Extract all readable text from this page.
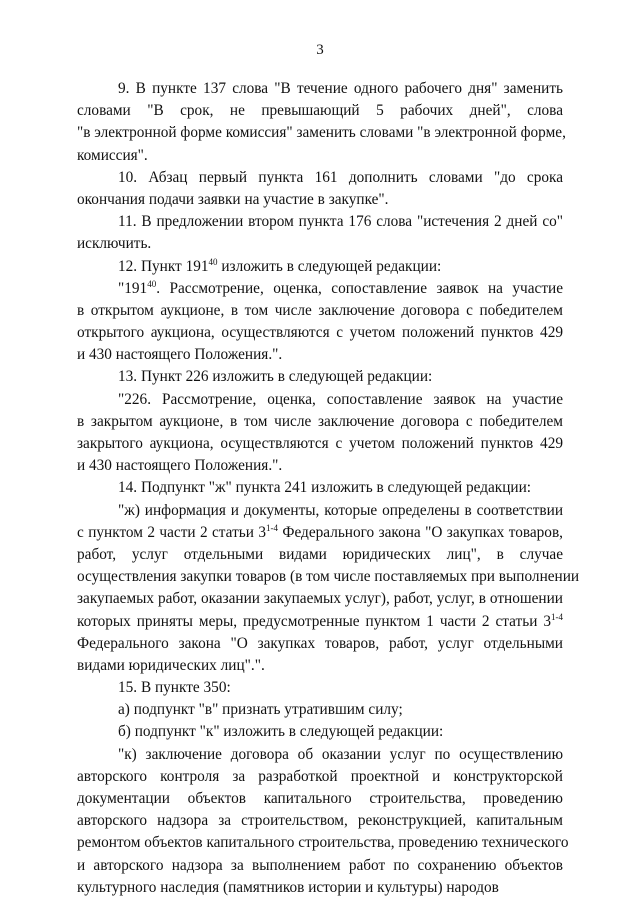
3
9. В пункте 137 слова "В течение одного рабочего дня" заменить
словами "В срок, не превышающий 5 рабочих дней", слова
"в электронной форме комиссия" заменить словами "в электронной форме,
комиссия".
10. Абзац первый пункта 161 дополнить словами "до срока
окончания подачи заявки на участие в закупке".
11. В предложении втором пункта 176 слова "истечения 2 дней со"
исключить.
12. Пункт $191^{40}$ изложить в следующей редакции:
"$191^{40}$. Рассмотрение, оценка, сопоставление заявок на участие
в открытом аукционе, в том числе заключение договора с победителем
открытого аукциона, осуществляются с учетом положений пунктов 429
и 430 настоящего Положения.".
13. Пункт 226 изложить в следующей редакции:
"226. Рассмотрение, оценка, сопоставление заявок на участие
в закрытом аукционе, в том числе заключение договора с победителем
закрытого аукциона, осуществляются с учетом положений пунктов 429
и 430 настоящего Положения.".
14. Подпункт "ж" пункта 241 изложить в следующей редакции:
"ж) информация и документы, которые определены в соответствии
с пунктом 2 части 2 статьи 3$^{1-4}$ Федерального закона "О закупках товаров,
работ, услуг отдельными видами юридических лиц", в случае
осуществления закупки товаров (в том числе поставляемых при выполнении
закупаемых работ, оказании закупаемых услуг), работ, услуг, в отношении
которых приняты меры, предусмотренные пунктом 1 части 2 статьи 3$^{1-4}$
Федерального закона "О закупках товаров, работ, услуг отдельными
видами юридических лиц".".
15. В пункте 350:
а) подпункт "в" признать утратившим силу;
б) подпункт "к" изложить в следующей редакции:
"к) заключение договора об оказании услуг по осуществлению
авторского контроля за разработкой проектной и конструкторской
документации объектов капитального строительства, проведению
авторского надзора за строительством, реконструкцией, капитальным
ремонтом объектов капитального строительства, проведению технического
и авторского надзора за выполнением работ по сохранению объектов
культурного наследия (памятников истории и культуры) народов
